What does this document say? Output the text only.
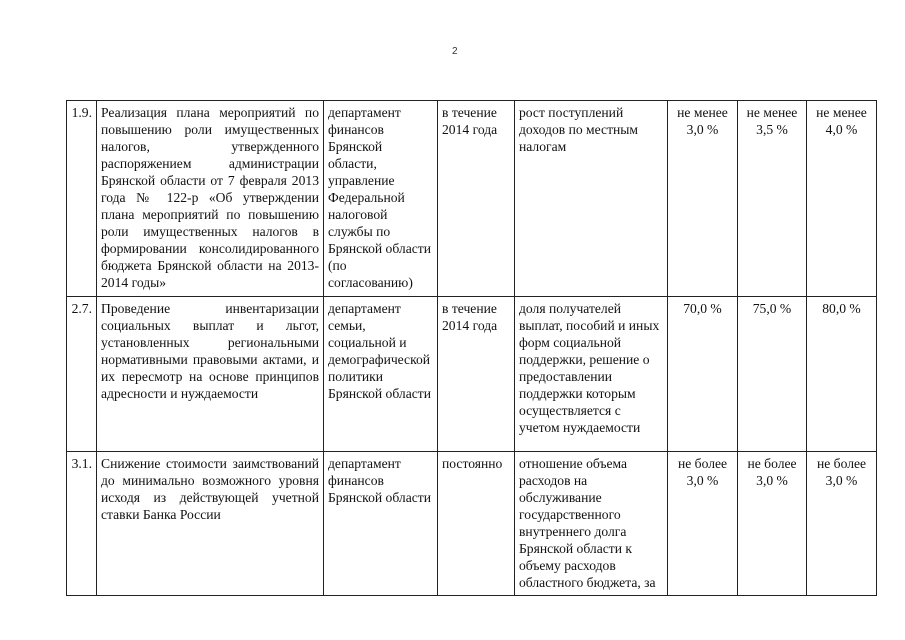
2
1.9.	Реализация плана мероприятий по повышению роли имущественных налогов, утвержденного распоряжением администрации Брянской области от 7 февраля 2013 года № 122-р «Об утверждении плана мероприятий по повышению роли имущественных налогов в формировании консолидированного бюджета Брянской области на 2013-2014 годы»	департамент финансов Брянской области, управление Федеральной налоговой службы по Брянской области (по согласованию)	в течение 2014 года	рост поступлений доходов по местным налогам	не менее 3,0 %	не менее 3,5 %	не менее 4,0 %
2.7.	Проведение инвентаризации социальных выплат и льгот, установленных региональными нормативными правовыми актами, и их пересмотр на основе принципов адресности и нуждаемости	департамент семьи, социальной и демографической политики Брянской области	в течение 2014 года	доля получателей выплат, пособий и иных форм социальной поддержки, решение о предоставлении поддержки которым осуществляется с учетом нуждаемости	70,0 %	75,0 %	80,0 %
3.1.	Снижение стоимости заимствований до минимально возможного уровня исходя из действующей учетной ставки Банка России	департамент финансов Брянской области	постоянно	отношение объема расходов на обслуживание государственного внутреннего долга Брянской области к объему расходов областного бюджета, за	не более 3,0 %	не более 3,0 %	не более 3,0 %
